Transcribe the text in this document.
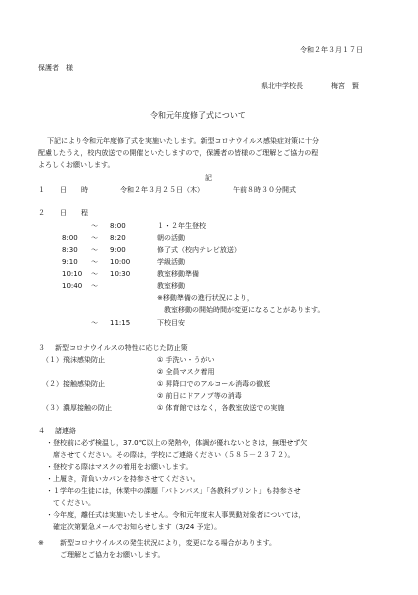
令和２年３月１７日
保護者　様
県北中学校長	梅宮　賢
令和元年度修了式について
下記により令和元年度修了式を実施いたします。新型コロナウイルス感染症対策に十分
配慮したうえ，校内放送での開催といたしますので，保護者の皆様のご理解とご協力の程
よろしくお願いします。
記
１ 日　　時	令和２年３月２５日（木）	午前８時３０分開式
２ 日　　程
～ 8:00	１・２年生登校
8:00 ～ 8:20	朝の活動
8:30 ～ 9:00	修了式（校内テレビ放送）
9:10 ～ 10:00	学級活動
10:10 ～ 10:30	教室移動準備
10:40 ～	教室移動
※移動準備の進行状況により，
教室移動の開始時間が変更になることがあります。
～ 11:15	下校目安
３ 新型コロナウイルスの特性に応じた防止策
（１）飛沫感染防止	① 手洗い・うがい
② 全員マスク着用
（２）接触感染防止	① 昇降口でのアルコール消毒の徹底
② 前日にドアノブ等の消毒
（３）濃厚接触の防止	① 体育館ではなく，各教室放送での実施
４ 諸連絡
・登校前に必ず検温し，37.0℃以上の発熱や，体調が優れないときは，無理せず欠
席させてください。その際は，学校にご連絡ください（５８５－２３７２）。
・登校する際はマスクの着用をお願いします。
・上履き，背負いカバンを持参させてください。
・１学年の生徒には，休業中の課題「パトンパス」「各教科プリント」も持参させ
てください。
・今年度，離任式は実施いたしません。令和元年度末人事異動対象者については，
確定次第緊急メールでお知らせします（3/24 予定）。
※ 新型コロナウイルスの発生状況により，変更になる場合があります。
ご理解とご協力をお願いします。
